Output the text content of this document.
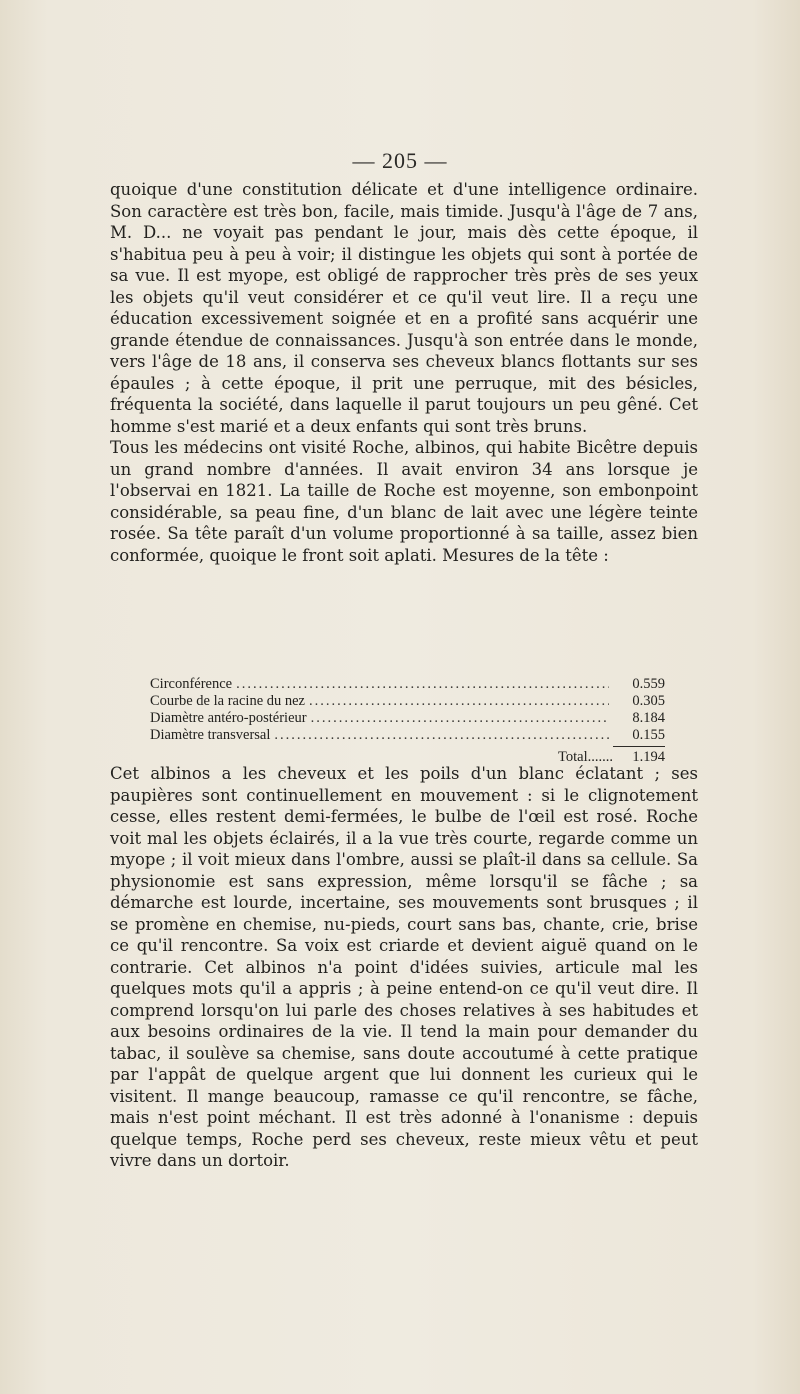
— 205 —

quoique d'une constitution délicate et d'une intelligence ordinaire. Son caractère est très bon, facile, mais timide. Jusqu'à l'âge de 7 ans, M. D... ne voyait pas pendant le jour, mais dès cette époque, il s'habitua peu à peu à voir; il distingue les objets qui sont à portée de sa vue. Il est myope, est obligé de rapprocher très près de ses yeux les objets qu'il veut considérer et ce qu'il veut lire. Il a reçu une éducation excessivement soignée et en a profité sans acquérir une grande étendue de connaissances. Jusqu'à son entrée dans le monde, vers l'âge de 18 ans, il conserva ses cheveux blancs flottants sur ses épaules ; à cette époque, il prit une perruque, mit des bésicles, fréquenta la société, dans laquelle il parut toujours un peu gêné. Cet homme s'est marié et a deux enfants qui sont très bruns.

Tous les médecins ont visité Roche, albinos, qui habite Bicêtre depuis un grand nombre d'années. Il avait environ 34 ans lorsque je l'observai en 1821. La taille de Roche est moyenne, son embonpoint considérable, sa peau fine, d'un blanc de lait avec une légère teinte rosée. Sa tête paraît d'un volume proportionné à sa taille, assez bien conformée, quoique le front soit aplati. Mesures de la tête :

Circonférence .....	0.559
Courbe de la racine du nez .....	0.305
Diamètre antéro-postérieur .....	8.184
Diamètre transversal .....	0.155
Total.......	1.194

Cet albinos a les cheveux et les poils d'un blanc éclatant ; ses paupières sont continuellement en mouvement : si le clignotement cesse, elles restent demi-fermées, le bulbe de l'œil est rosé. Roche voit mal les objets éclairés, il a la vue très courte, regarde comme un myope ; il voit mieux dans l'ombre, aussi se plaît-il dans sa cellule. Sa physionomie est sans expression, même lorsqu'il se fâche ; sa démarche est lourde, incertaine, ses mouvements sont brusques ; il se promène en chemise, nu-pieds, court sans bas, chante, crie, brise ce qu'il rencontre. Sa voix est criarde et devient aiguë quand on le contrarie. Cet albinos n'a point d'idées suivies, articule mal les quelques mots qu'il a appris ; à peine entend-on ce qu'il veut dire. Il comprend lorsqu'on lui parle des choses relatives à ses habitudes et aux besoins ordinaires de la vie. Il tend la main pour demander du tabac, il soulève sa chemise, sans doute accoutumé à cette pratique par l'appât de quelque argent que lui donnent les curieux qui le visitent. Il mange beaucoup, ramasse ce qu'il rencontre, se fâche, mais n'est point méchant. Il est très adonné à l'onanisme : depuis quelque temps, Roche perd ses cheveux, reste mieux vêtu et peut vivre dans un dortoir.
